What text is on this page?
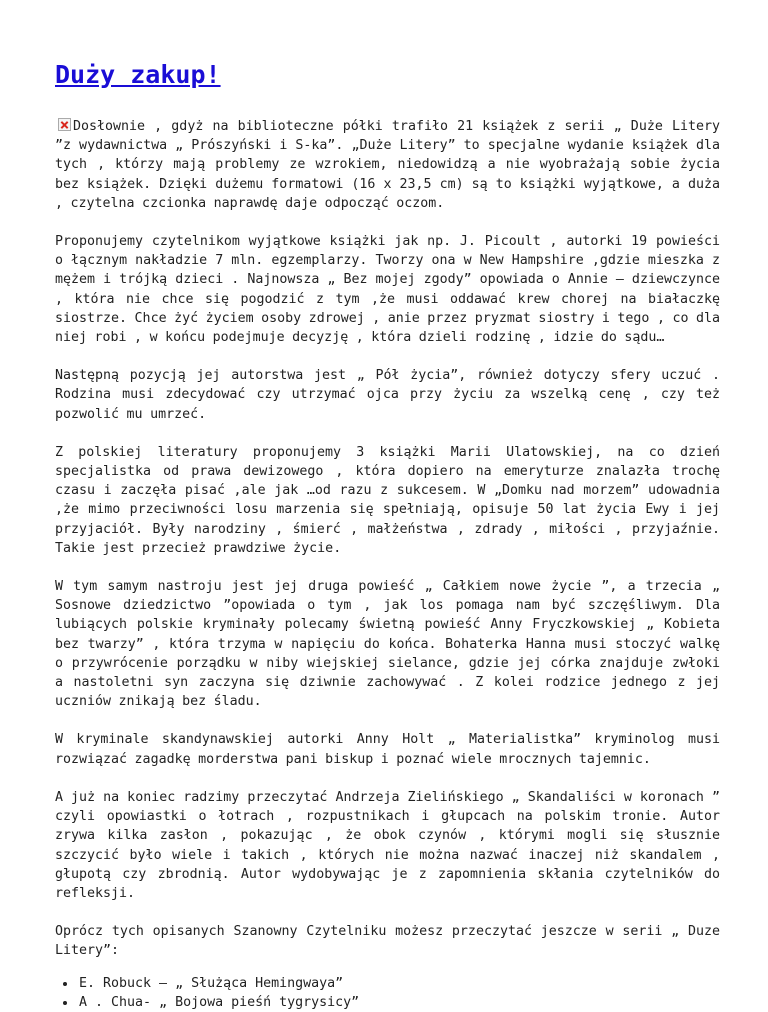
Duży zakup!

Dosłownie , gdyż na biblioteczne półki trafiło 21 książek z serii „ Duże Litery ”z wydawnictwa „ Prószyński i S-ka”. „Duże Litery” to specjalne wydanie książek dla tych , którzy mają problemy ze wzrokiem, niedowidzą a nie wyobrażają sobie życia bez książek. Dzięki dużemu formatowi (16 x 23,5 cm) są to książki wyjątkowe, a duża , czytelna czcionka naprawdę daje odpocząć oczom.

Proponujemy czytelnikom wyjątkowe książki jak np. J. Picoult , autorki 19 powieści o łącznym nakładzie 7 mln. egzemplarzy. Tworzy ona w New Hampshire ,gdzie mieszka z mężem i trójką dzieci . Najnowsza „ Bez mojej zgody” opowiada o Annie – dziewczynce , która nie chce się pogodzić z tym ,że musi oddawać krew chorej na białaczkę siostrze. Chce żyć życiem osoby zdrowej , anie przez pryzmat siostry i tego , co dla niej robi , w końcu podejmuje decyzję , która dzieli rodzinę , idzie do sądu…

Następną pozycją jej autorstwa jest „ Pół życia”, również dotyczy sfery uczuć . Rodzina musi zdecydować czy utrzymać ojca przy życiu za wszelką cenę , czy też pozwolić mu umrzeć.

Z polskiej literatury proponujemy 3 książki Marii Ulatowskiej, na co dzień specjalistka od prawa dewizowego , która dopiero na emeryturze znalazła trochę czasu i zaczęła pisać ,ale jak …od razu z sukcesem. W „Domku nad morzem” udowadnia ,że mimo przeciwności losu marzenia się spełniają, opisuje 50 lat życia Ewy i jej przyjaciół. Były narodziny , śmierć , małżeństwa , zdrady , miłości , przyjaźnie. Takie jest przecież prawdziwe życie.

W tym samym nastroju jest jej druga powieść „ Całkiem nowe życie ”, a trzecia „ Sosnowe dziedzictwo ”opowiada o tym , jak los pomaga nam być szczęśliwym. Dla lubiących polskie kryminały polecamy świetną powieść Anny Fryczkowskiej „ Kobieta bez twarzy” , która trzyma w napięciu do końca. Bohaterka Hanna musi stoczyć walkę o przywrócenie porządku w niby wiejskiej sielance, gdzie jej córka znajduje zwłoki a nastoletni syn zaczyna się dziwnie zachowywać . Z kolei rodzice jednego z jej uczniów znikają bez śladu.

W kryminale skandynawskiej autorki Anny Holt „ Materialistka” kryminolog musi rozwiązać zagadkę morderstwa pani biskup i poznać wiele mrocznych tajemnic.

A już na koniec radzimy przeczytać Andrzeja Zielińskiego „ Skandaliści w koronach ” czyli opowiastki o łotrach , rozpustnikach i głupcach na polskim tronie. Autor zrywa kilka zasłon , pokazując , że obok czynów , którymi mogli się słusznie szczycić było wiele i takich , których nie można nazwać inaczej niż skandalem , głupotą czy zbrodnią. Autor wydobywając je z zapomnienia skłania czytelników do refleksji.

Oprócz tych opisanych Szanowny Czytelniku możesz przeczytać jeszcze w serii „ Duze Litery”:

• E. Robuck – „ Służąca Hemingwaya”
• A . Chua- „ Bojowa pieśń tygrysicy”
